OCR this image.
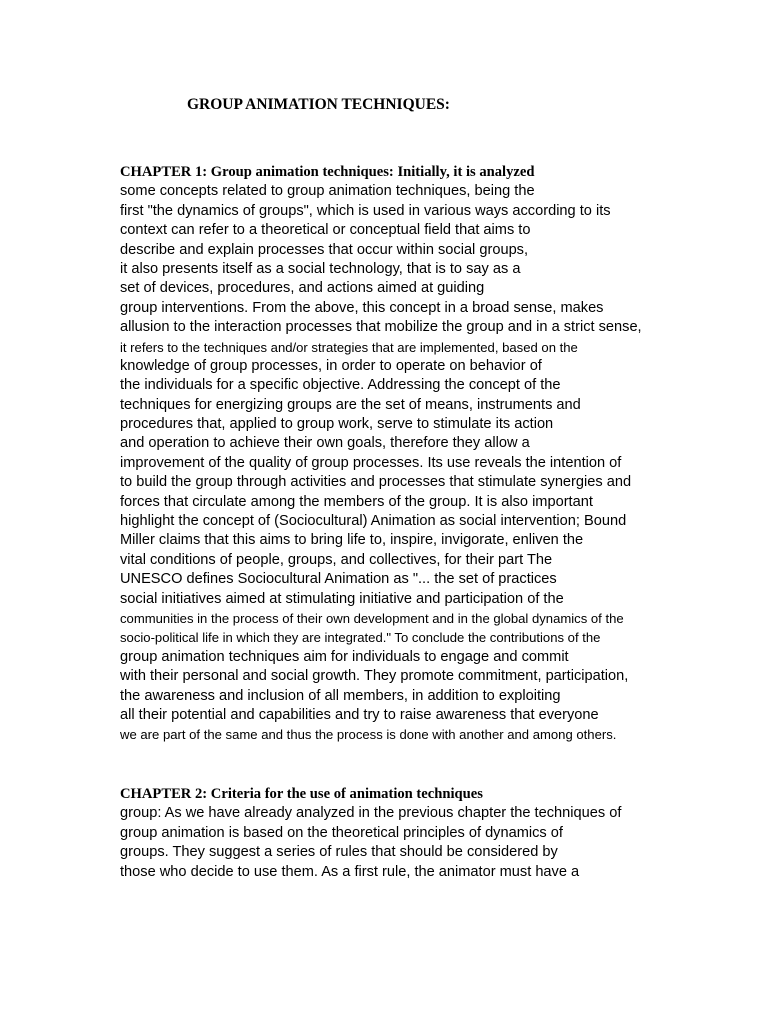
GROUP ANIMATION TECHNIQUES:
CHAPTER 1: Group animation techniques: Initially, it is analyzed
some concepts related to group animation techniques, being the
first "the dynamics of groups", which is used in various ways according to its
context can refer to a theoretical or conceptual field that aims to
describe and explain processes that occur within social groups,
it also presents itself as a social technology, that is to say as a
set of devices, procedures, and actions aimed at guiding
group interventions. From the above, this concept in a broad sense, makes
allusion to the interaction processes that mobilize the group and in a strict sense,
it refers to the techniques and/or strategies that are implemented, based on the
knowledge of group processes, in order to operate on behavior of
the individuals for a specific objective. Addressing the concept of the
techniques for energizing groups are the set of means, instruments and
procedures that, applied to group work, serve to stimulate its action
and operation to achieve their own goals, therefore they allow a
improvement of the quality of group processes. Its use reveals the intention of
to build the group through activities and processes that stimulate synergies and
forces that circulate among the members of the group. It is also important
highlight the concept of (Sociocultural) Animation as social intervention; Bound
Miller claims that this aims to bring life to, inspire, invigorate, enliven the
vital conditions of people, groups, and collectives, for their part The
UNESCO defines Sociocultural Animation as "... the set of practices
social initiatives aimed at stimulating initiative and participation of the
communities in the process of their own development and in the global dynamics of the
socio-political life in which they are integrated." To conclude the contributions of the
group animation techniques aim for individuals to engage and commit
with their personal and social growth. They promote commitment, participation,
the awareness and inclusion of all members, in addition to exploiting
all their potential and capabilities and try to raise awareness that everyone
we are part of the same and thus the process is done with another and among others.
CHAPTER 2: Criteria for the use of animation techniques
group: As we have already analyzed in the previous chapter the techniques of
group animation is based on the theoretical principles of dynamics of
groups. They suggest a series of rules that should be considered by
those who decide to use them. As a first rule, the animator must have a
